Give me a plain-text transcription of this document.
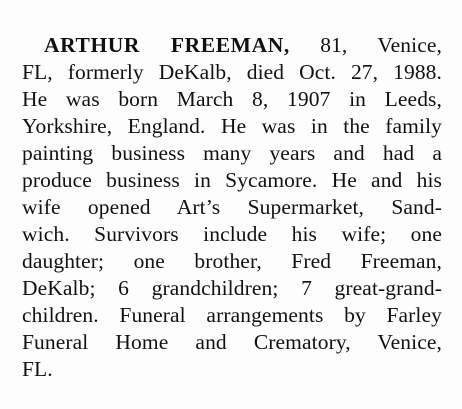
ARTHUR FREEMAN, 81, Venice,
FL, formerly DeKalb, died Oct. 27, 1988.
He was born March 8, 1907 in Leeds,
Yorkshire, England. He was in the family
painting business many years and had a
produce business in Sycamore. He and his
wife opened Art’s Supermarket, Sand-
wich. Survivors include his wife; one
daughter; one brother, Fred Freeman,
DeKalb; 6 grandchildren; 7 great-grand-
children. Funeral arrangements by Farley
Funeral Home and Crematory, Venice,
FL.
